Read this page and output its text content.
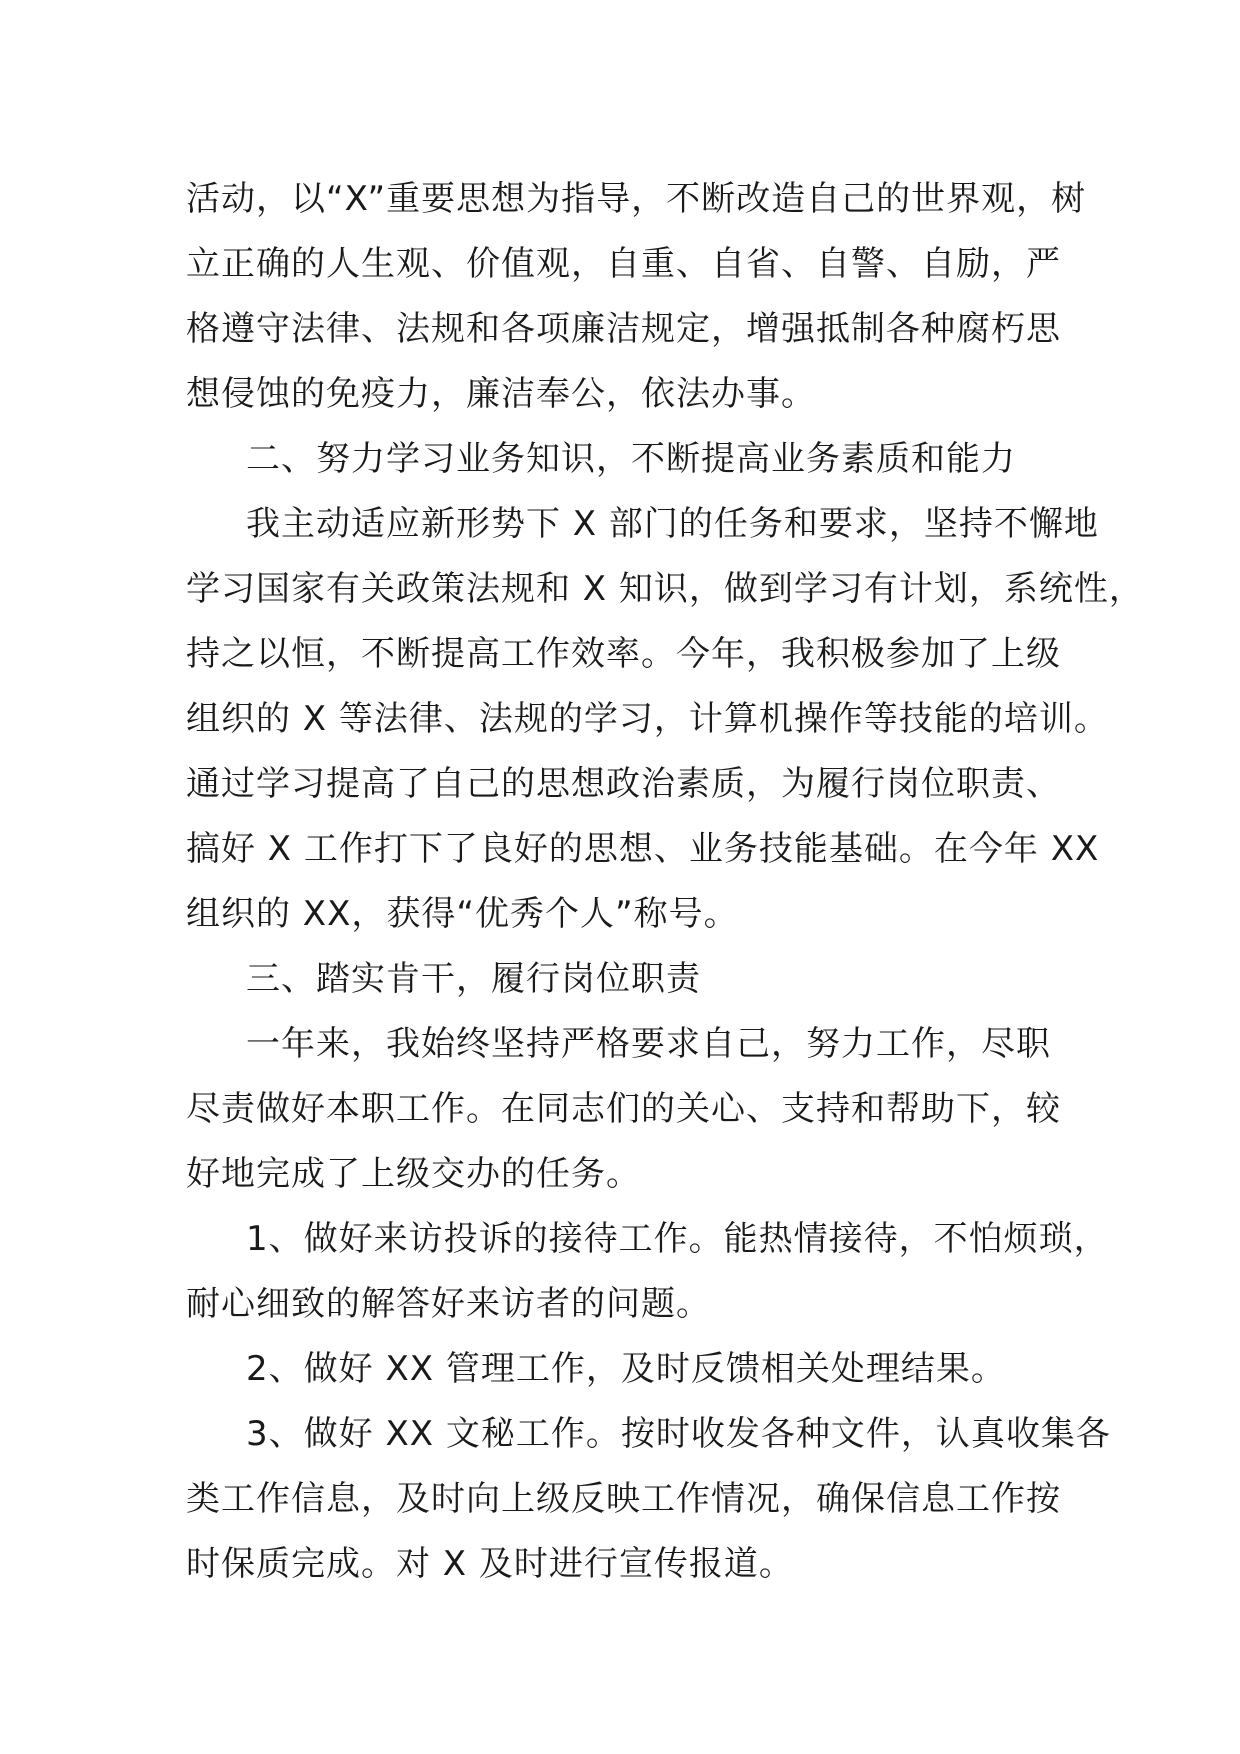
活动，以“X”重要思想为指导，不断改造自己的世界观，树
立正确的人生观、价值观，自重、自省、自警、自励，严
格遵守法律、法规和各项廉洁规定，增强抵制各种腐朽思
想侵蚀的免疫力，廉洁奉公，依法办事。

二、努力学习业务知识，不断提高业务素质和能力

我主动适应新形势下 X 部门的任务和要求，坚持不懈地
学习国家有关政策法规和 X 知识，做到学习有计划，系统性，
持之以恒，不断提高工作效率。今年，我积极参加了上级
组织的 X 等法律、法规的学习，计算机操作等技能的培训。
通过学习提高了自己的思想政治素质，为履行岗位职责、
搞好 X 工作打下了良好的思想、业务技能基础。在今年 XX
组织的 XX，获得“优秀个人”称号。

三、踏实肯干，履行岗位职责

一年来，我始终坚持严格要求自己，努力工作，尽职
尽责做好本职工作。在同志们的关心、支持和帮助下，较
好地完成了上级交办的任务。

1、做好来访投诉的接待工作。能热情接待，不怕烦琐，
耐心细致的解答好来访者的问题。

2、做好 XX 管理工作，及时反馈相关处理结果。

3、做好 XX 文秘工作。按时收发各种文件，认真收集各
类工作信息，及时向上级反映工作情况，确保信息工作按
时保质完成。对 X 及时进行宣传报道。
